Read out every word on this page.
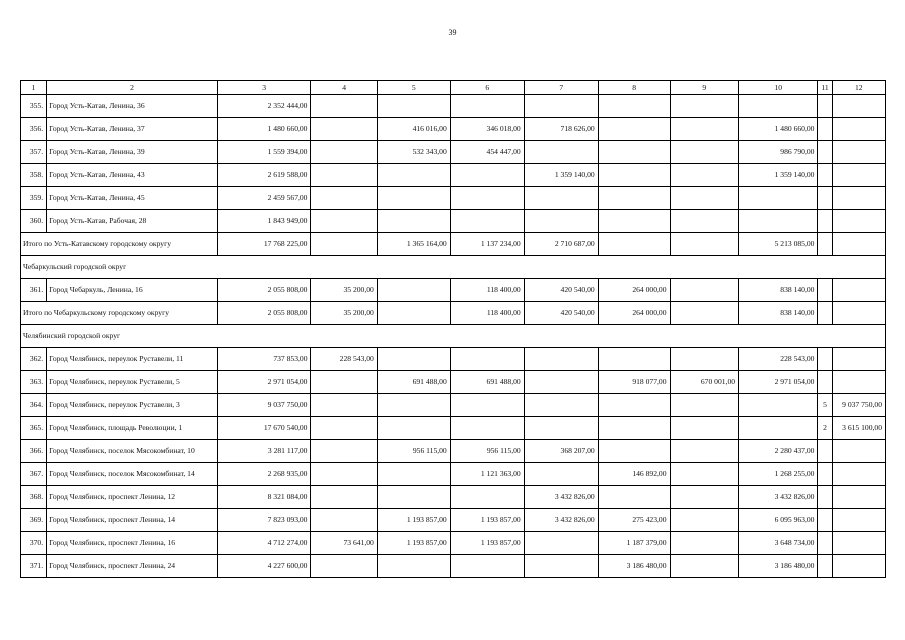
39
1	2	3	4	5	6	7	8	9	10	11	12
355.	Город Усть-Катав, Ленина, 36	2 352 444,00									
356.	Город Усть-Катав, Ленина, 37	1 480 660,00		416 016,00	346 018,00	718 626,00			1 480 660,00		
357.	Город Усть-Катав, Ленина, 39	1 559 394,00		532 343,00	454 447,00				986 790,00		
358.	Город Усть-Катав, Ленина, 43	2 619 588,00				1 359 140,00			1 359 140,00		
359.	Город Усть-Катав, Ленина, 45	2 459 567,00									
360.	Город Усть-Катав, Рабочая, 28	1 843 949,00									
Итого по Усть-Катавскому городскому округу		17 768 225,00		1 365 164,00	1 137 234,00	2 710 687,00			5 213 085,00		
Чебаркульский городской округ											
361.	Город Чебаркуль, Ленина, 16	2 055 808,00	35 200,00		118 400,00	420 540,00	264 000,00		838 140,00		
Итого по Чебаркульскому городскому округу		2 055 808,00	35 200,00		118 400,00	420 540,00	264 000,00		838 140,00		
Челябинский городской округ											
362.	Город Челябинск, переулок Руставели, 11	737 853,00	228 543,00						228 543,00		
363.	Город Челябинск, переулок Руставели, 5	2 971 054,00		691 488,00	691 488,00		918 077,00	670 001,00	2 971 054,00		
364.	Город Челябинск, переулок Руставели, 3	9 037 750,00								5	9 037 750,00
365.	Город Челябинск, площадь Революции, 1	17 670 540,00								2	3 615 100,00
366.	Город Челябинск, поселок Мясокомбинат, 10	3 281 117,00		956 115,00	956 115,00	368 207,00			2 280 437,00		
367.	Город Челябинск, поселок Мясокомбинат, 14	2 268 935,00			1 121 363,00		146 892,00		1 268 255,00		
368.	Город Челябинск, проспект Ленина, 12	8 321 084,00				3 432 826,00			3 432 826,00		
369.	Город Челябинск, проспект Ленина, 14	7 823 093,00		1 193 857,00	1 193 857,00	3 432 826,00	275 423,00		6 095 963,00		
370.	Город Челябинск, проспект Ленина, 16	4 712 274,00	73 641,00	1 193 857,00	1 193 857,00		1 187 379,00		3 648 734,00		
371.	Город Челябинск, проспект Ленина, 24	4 227 600,00					3 186 480,00		3 186 480,00		
